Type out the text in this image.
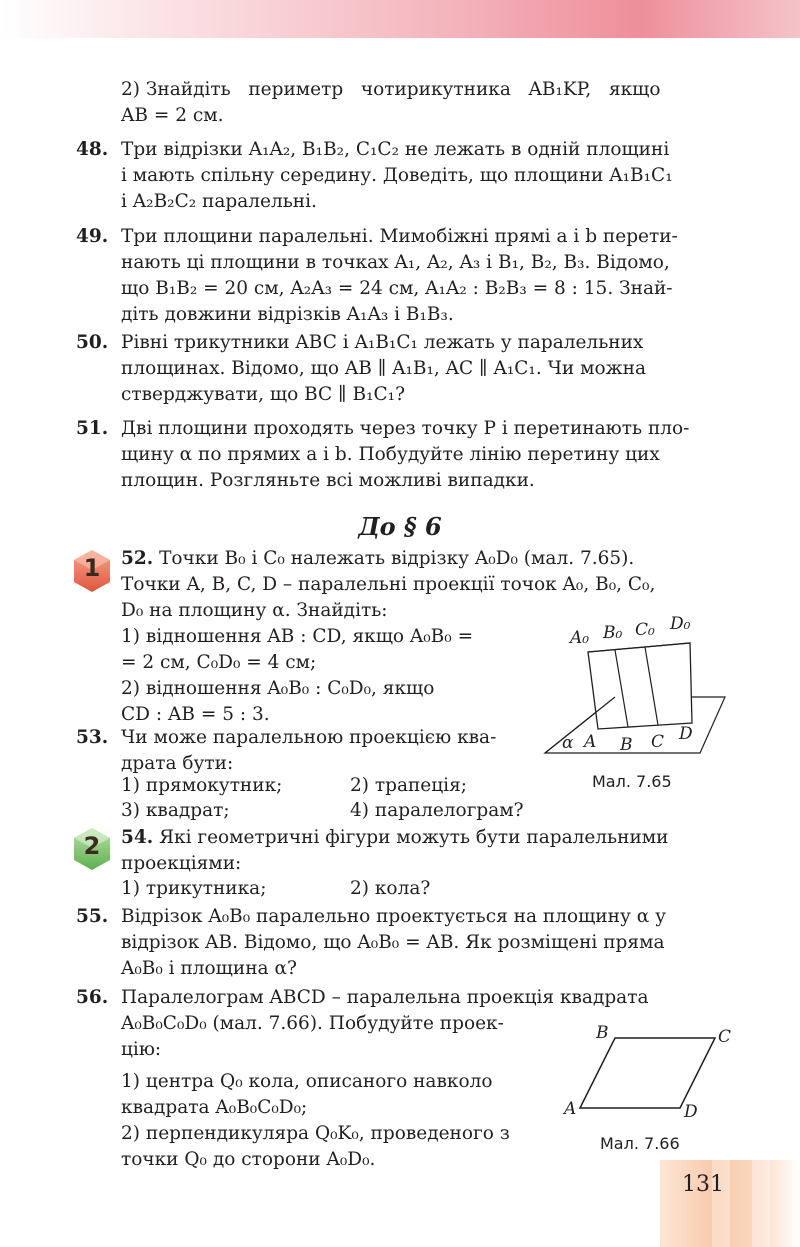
2) Знайдіть   периметр   чотирикутника   AB₁KP,   якщо
AB = 2 см.
48. Три відрізки A₁A₂, B₁B₂, C₁C₂ не лежать в одній площині
і мають спільну середину. Доведіть, що площини A₁B₁C₁
і A₂B₂C₂ паралельні.
49. Три площини паралельні. Мимобіжні прямі a і b перети-
нають ці площини в точках A₁, A₂, A₃ і B₁, B₂, B₃. Відомо,
що B₁B₂ = 20 см, A₂A₃ = 24 см, A₁A₂ : B₂B₃ = 8 : 15. Знай-
діть довжини відрізків A₁A₃ і B₁B₃.
50. Рівні трикутники ABC і A₁B₁C₁ лежать у паралельних
площинах. Відомо, що AB ∥ A₁B₁, AC ∥ A₁C₁. Чи можна
стверджувати, що BC ∥ B₁C₁?
51. Дві площини проходять через точку P і перетинають пло-
щину α по прямих a і b. Побудуйте лінію перетину цих
площин. Розгляньте всі можливі випадки.
До § 6
1	52. Точки B₀ і C₀ належать відрізку A₀D₀ (мал. 7.65).
Точки A, B, C, D – паралельні проекції точок A₀, B₀, C₀,
D₀ на площину α. Знайдіть:
1) відношення AB : CD, якщо A₀B₀ =
= 2 см, C₀D₀ = 4 см;
2) відношення A₀B₀ : C₀D₀, якщо
CD : AB = 5 : 3.
A₀ B₀ C₀ D₀
α A B C D
Мал. 7.65
53. Чи може паралельною проекцією ква-
драта бути:
1) прямокутник;	2) трапеція;
3) квадрат;	4) паралелограм?
2	54. Які геометричні фігури можуть бути паралельними
проекціями:
1) трикутника;	2) кола?
55. Відрізок A₀B₀ паралельно проектується на площину α у
відрізок AB. Відомо, що A₀B₀ = AB. Як розміщені пряма
A₀B₀ і площина α?
56. Паралелограм ABCD – паралельна проекція квадрата
A₀B₀C₀D₀ (мал. 7.66). Побудуйте проек-
цію:
1) центра Q₀ кола, описаного навколо
квадрата A₀B₀C₀D₀;
2) перпендикуляра Q₀K₀, проведеного з
точки Q₀ до сторони A₀D₀.
A
B	C
D
Мал. 7.66
131
